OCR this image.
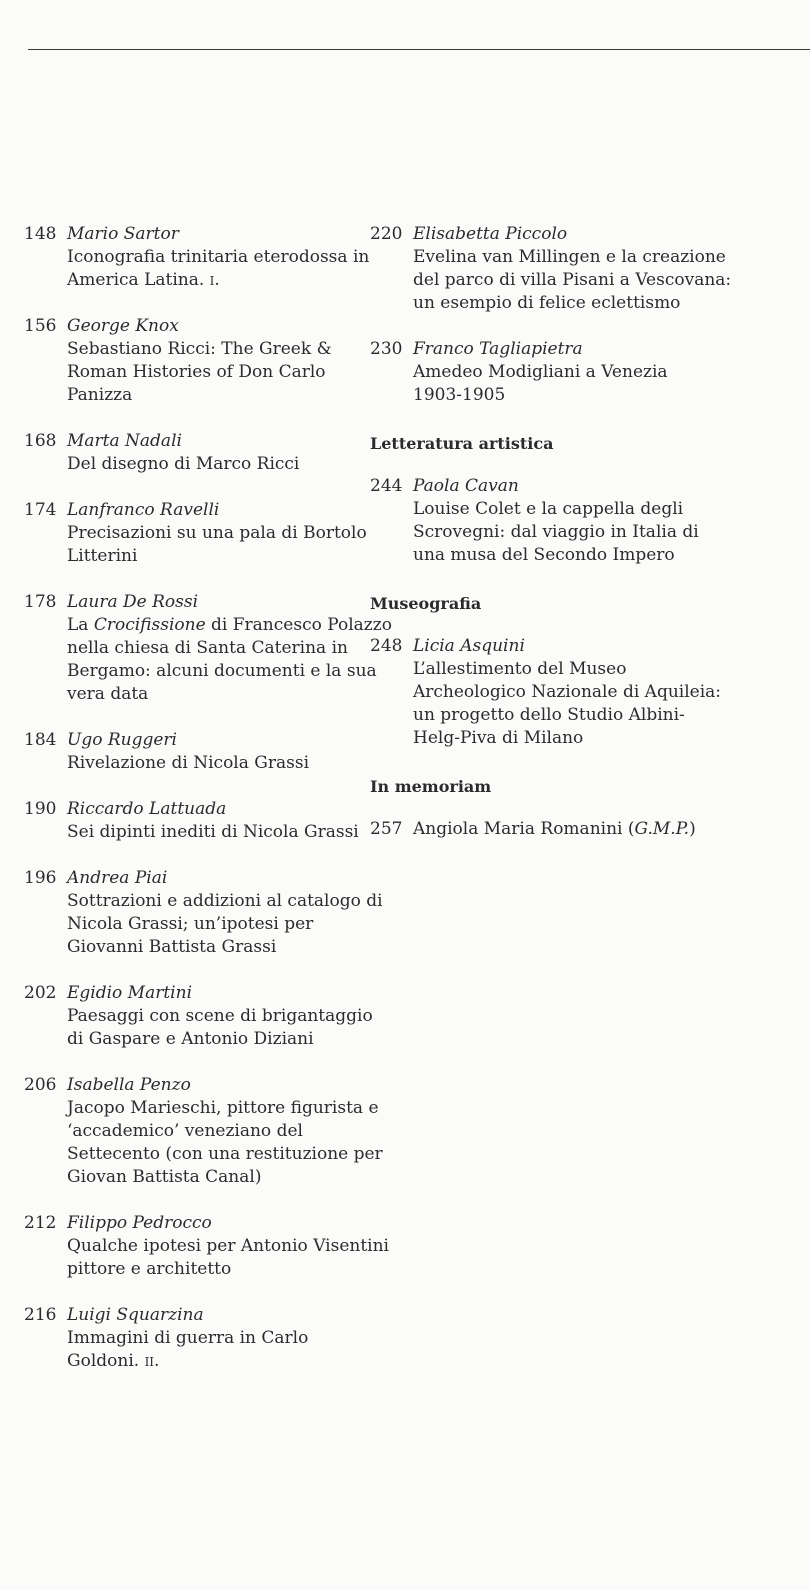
148 Mario Sartor
Iconografia trinitaria eterodossa in
America Latina. i.
156 George Knox
Sebastiano Ricci: The Greek &
Roman Histories of Don Carlo
Panizza
168 Marta Nadali
Del disegno di Marco Ricci
174 Lanfranco Ravelli
Precisazioni su una pala di Bortolo
Litterini
178 Laura De Rossi
La Crocifissione di Francesco Polazzo
nella chiesa di Santa Caterina in
Bergamo: alcuni documenti e la sua
vera data
184 Ugo Ruggeri
Rivelazione di Nicola Grassi
190 Riccardo Lattuada
Sei dipinti inediti di Nicola Grassi
196 Andrea Piai
Sottrazioni e addizioni al catalogo di
Nicola Grassi; un’ipotesi per
Giovanni Battista Grassi
202 Egidio Martini
Paesaggi con scene di brigantaggio
di Gaspare e Antonio Diziani
206 Isabella Penzo
Jacopo Marieschi, pittore figurista e
‘accademico’ veneziano del
Settecento (con una restituzione per
Giovan Battista Canal)
212 Filippo Pedrocco
Qualche ipotesi per Antonio Visentini
pittore e architetto
216 Luigi Squarzina
Immagini di guerra in Carlo
Goldoni. ii.
220 Elisabetta Piccolo
Evelina van Millingen e la creazione
del parco di villa Pisani a Vescovana:
un esempio di felice eclettismo
230 Franco Tagliapietra
Amedeo Modigliani a Venezia
1903-1905
Letteratura artistica
244 Paola Cavan
Louise Colet e la cappella degli
Scrovegni: dal viaggio in Italia di
una musa del Secondo Impero
Museografia
248 Licia Asquini
L’allestimento del Museo
Archeologico Nazionale di Aquileia:
un progetto dello Studio Albini-
Helg-Piva di Milano
In memoriam
257 Angiola Maria Romanini (G.M.P.)
